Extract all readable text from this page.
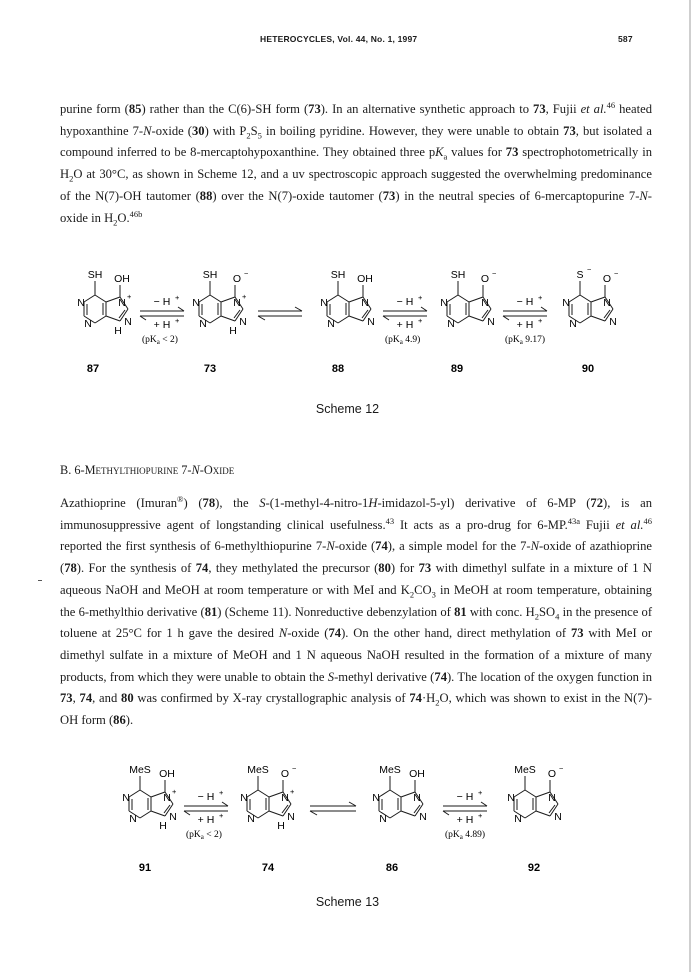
HETEROCYCLES, Vol. 44, No. 1, 1997	587
purine form (85) rather than the C(6)-SH form (73). In an alternative synthetic approach to 73, Fujii et al.$^{46}$ heated hypoxanthine 7-N-oxide (30) with $P_2S_5$ in boiling pyridine. However, they were unable to obtain 73, but isolated a compound inferred to be 8-mercaptohypoxanthine. They obtained three $pK_a$ values for 73 spectrophotometrically in $H_2O$ at 30°C, as shown in Scheme 12, and a uv spectroscopic approach suggested the overwhelming predominance of the N(7)-OH tautomer (88) over the N(7)-oxide tautomer (73) in the neutral species of 6-mercaptopurine 7-N-oxide in $H_2O.^{46b}$
SH OH
N
N
N
N
+
H
SH O −
N
N
N
N
+
H
SH OH
N
N
N
N
SH O −
N
N
N
N
S O
−	−
N
N
N
N
− H +
+ H +
$(pK_a < 2)$
− H +
+ H +
($pK_a$ 4.9)
− H +
+ H +
($pK_a$ 9.17)
87	73	88	89	90
Scheme 12
B. 6-Methylthiopurine 7-N-Oxide
Azathioprine (Imuran®) (78), the S-(1-methyl-4-nitro-1H-imidazol-5-yl) derivative of 6-MP (72), is an immunosuppressive agent of longstanding clinical usefulness.$^{43}$ It acts as a pro-drug for 6-MP.$^{43a}$ Fujii et al.$^{46}$ reported the first synthesis of 6-methylthiopurine 7-N-oxide (74), a simple model for the 7-N-oxide of azathioprine (78). For the synthesis of 74, they methylated the precursor (80) for 73 with dimethyl sulfate in a mixture of 1 N aqueous NaOH and MeOH at room temperature or with MeI and $K_2CO_3$ in MeOH at room temperature, obtaining the 6-methylthio derivative (81) (Scheme 11). Nonreductive debenzylation of 81 with conc. $H_2SO_4$ in the presence of toluene at 25°C for 1 h gave the desired N-oxide (74). On the other hand, direct methylation of 73 with MeI or dimethyl sulfate in a mixture of MeOH and 1 N aqueous NaOH resulted in the formation of a mixture of many products, from which they were unable to obtain the S-methyl derivative (74). The location of the oxygen function in 73, 74, and 80 was confirmed by X-ray crystallographic analysis of $74\cdot H_2O$, which was shown to exist in the N(7)-OH form (86).
MeS OH
N
N
N
N
+
H
MeS O −
N
N
N
N
+
H
MeS OH
N
N
N
N
MeS O −
N
N
N
N
− H +
+ H +
$(pK_a < 2)$
− H +
+ H +
($pK_a$ 4.89)
91	74	86	92
Scheme 13
